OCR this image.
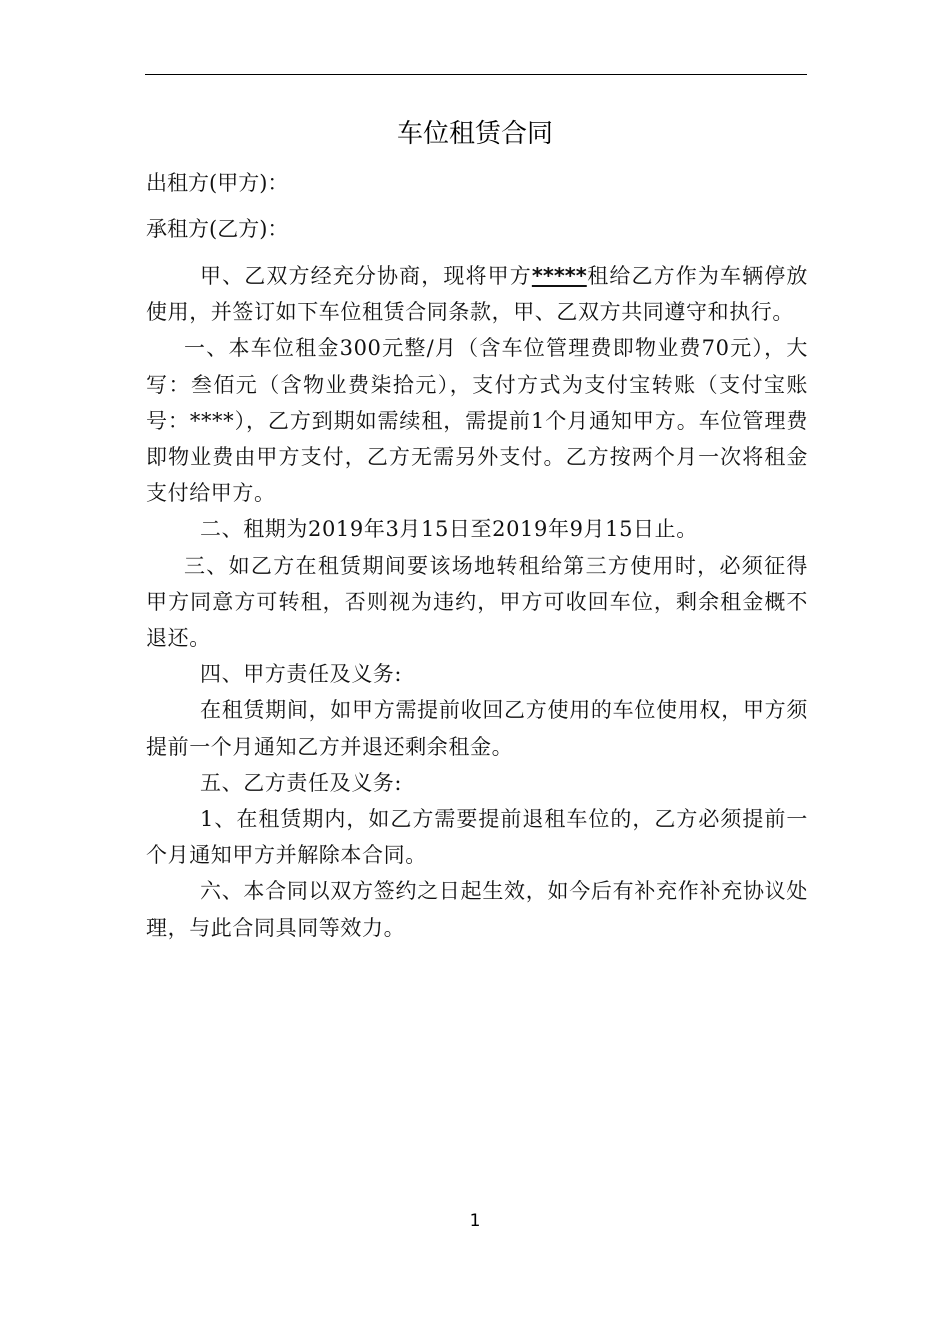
车位租赁合同
出租方(甲方)：
承租方(乙方)：

甲、乙双方经充分协商，现将甲方*****租给乙方作为车辆停放使用，并签订如下车位租赁合同条款，甲、乙双方共同遵守和执行。

一、本车位租金300元整/月（含车位管理费即物业费70元），大写：叁佰元（含物业费柒拾元），支付方式为支付宝转账（支付宝账号：****），乙方到期如需续租，需提前1个月通知甲方。车位管理费即物业费由甲方支付，乙方无需另外支付。乙方按两个月一次将租金支付给甲方。

二、租期为2019年3月15日至2019年9月15日止。

三、如乙方在租赁期间要该场地转租给第三方使用时，必须征得甲方同意方可转租，否则视为违约，甲方可收回车位，剩余租金概不退还。

四、甲方责任及义务:

在租赁期间，如甲方需提前收回乙方使用的车位使用权，甲方须提前一个月通知乙方并退还剩余租金。

五、乙方责任及义务:

1、在租赁期内，如乙方需要提前退租车位的，乙方必须提前一个月通知甲方并解除本合同。

六、本合同以双方签约之日起生效，如今后有补充作补充协议处理，与此合同具同等效力。

1
